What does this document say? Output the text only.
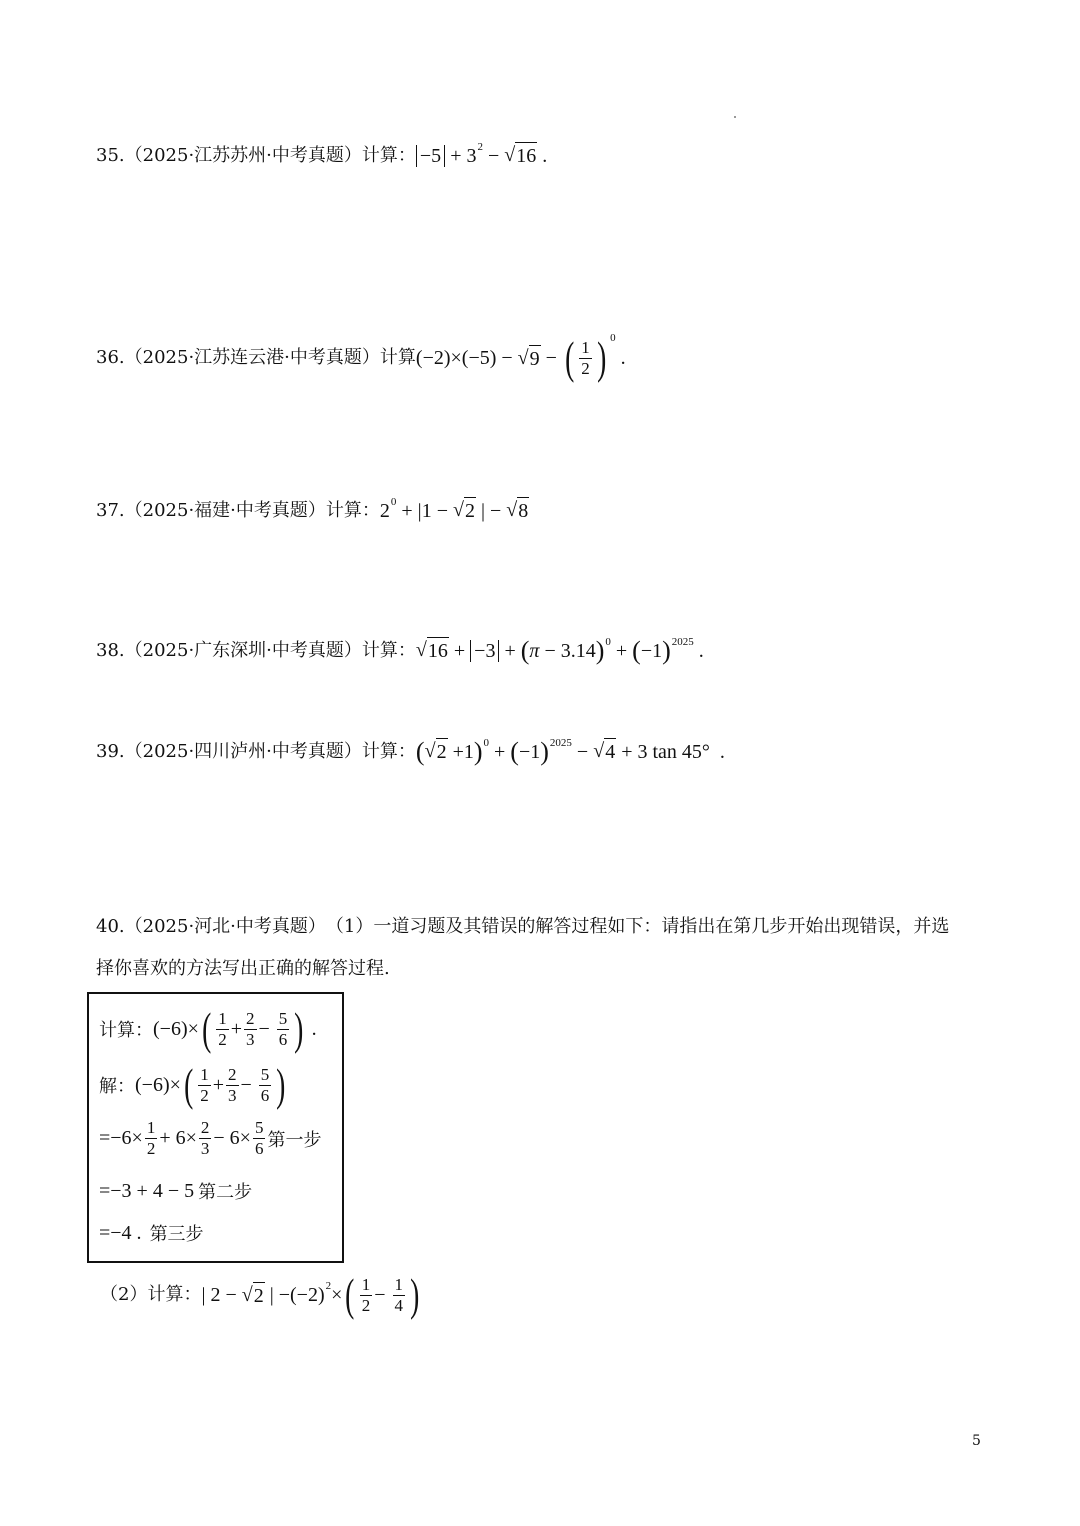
35. （2025·江苏苏州·中考真题） 计算： −5 + 3 2 − √ 16 .
36. （2025·江苏连云港·中考真题） 计算 (−2)×(−5) − √ 9 − ( $\frac{1}{2}$ ) 0
.
37. （2025·福建·中考真题） 计算： 2 0 + |1 − √ 2 | − √ 8
38. （2025·广东深圳·中考真题） 计算： √ 16 + −3 + ( π − 3.14 ) 0 + ( −1 ) 2025 .
39. （2025·四川泸州·中考真题） 计算： ( √ 2 +1 ) 0 + ( −1 ) 2025 − √ 4 + 3 tan 45°  .
40. （2025·河北·中考真题） （1）一道习题及其错误的解答过程如下：请指出在第几步开始出现错误，并选
择你喜欢的方法写出正确的解答过程.
计算： (−6)× ( $\frac{1}{2} + \frac{2}{3} - \frac{5}{6}$ ) .
解： (−6)× ( $\frac{1}{2} + \frac{2}{3} - \frac{5}{6}$ )
$=-6\times \frac{1}{2} + 6\times \frac{2}{3} - 6\times \frac{5}{6}$ 第一步
=−3 + 4 − 5 第二步
=−4 . 第三步
（2）计算： | 2 − √ 2 | −(−2) 2 × ( $\frac{1}{2} - \frac{1}{4}$ )
5
